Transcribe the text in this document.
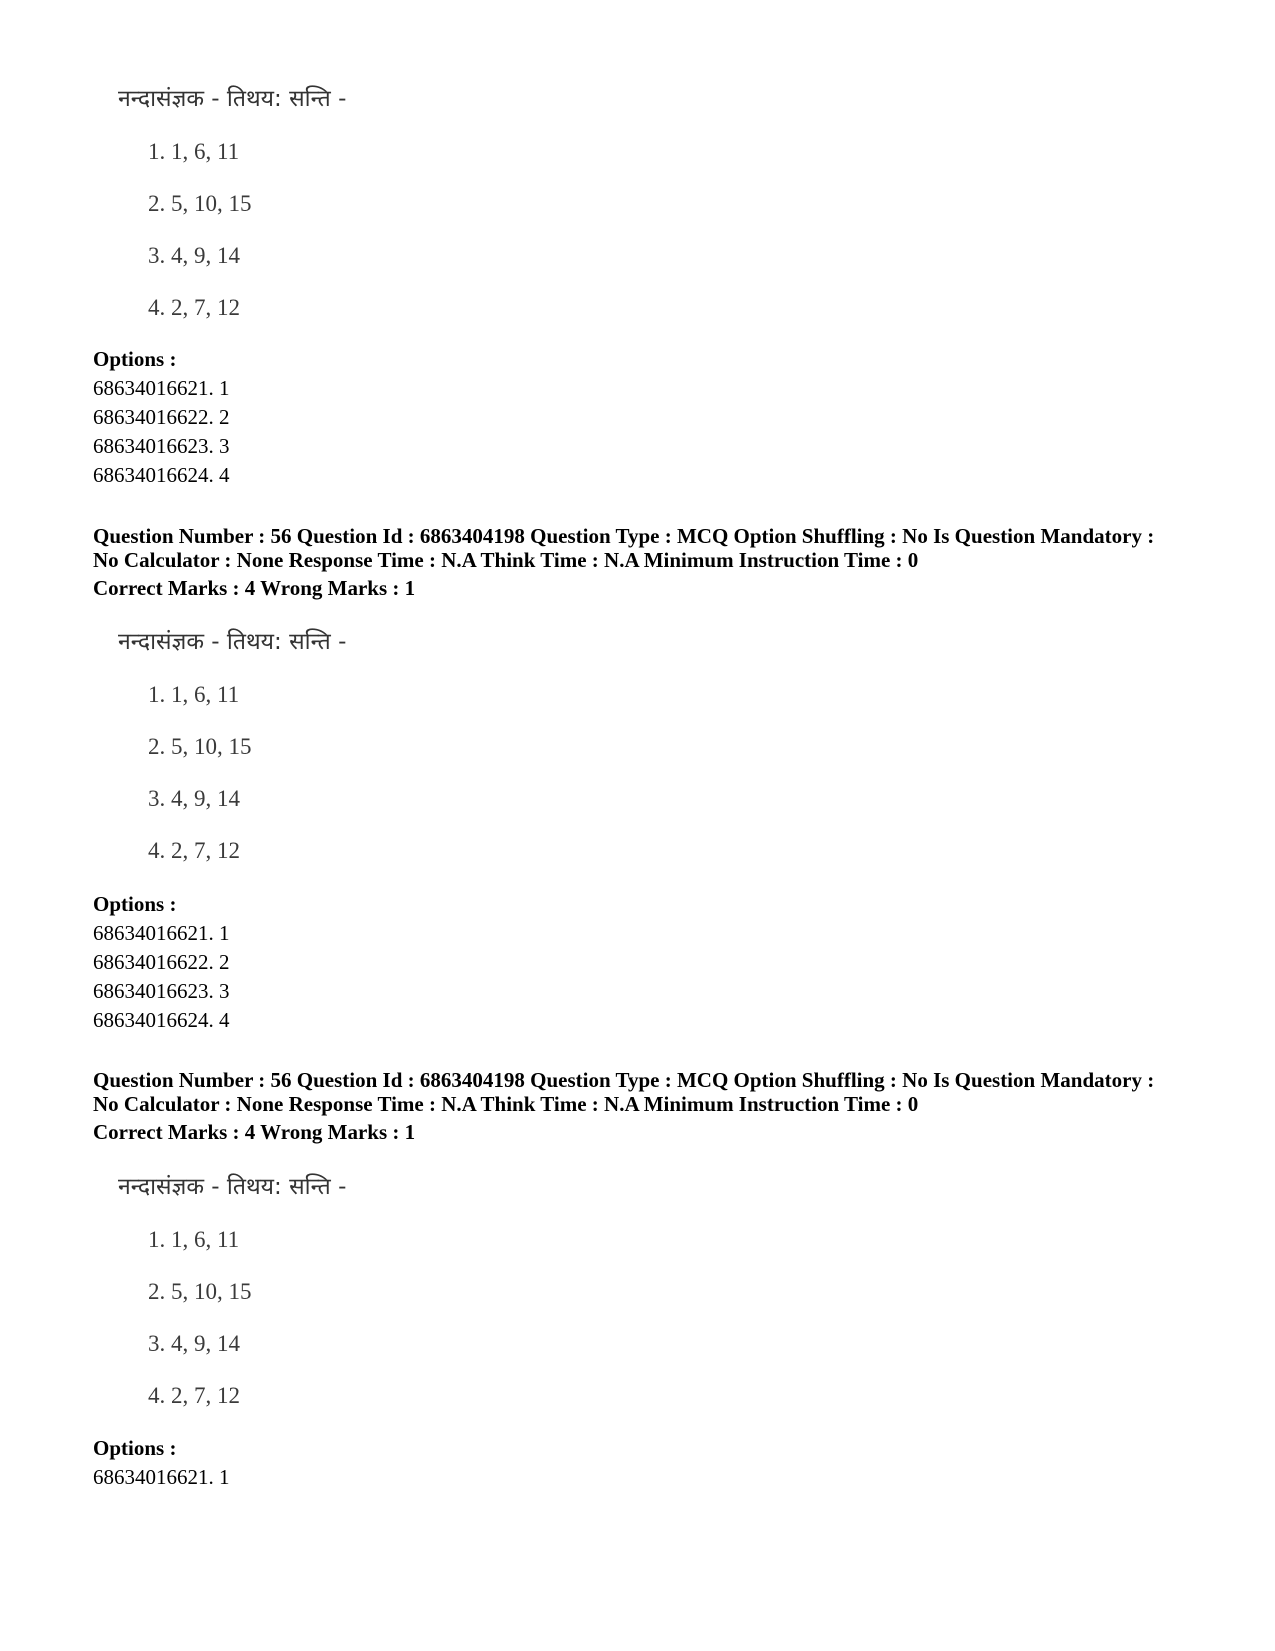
नन्दासंज्ञक - तिथय: सन्ति -
1. 1, 6, 11
2. 5, 10, 15
3. 4, 9, 14
4. 2, 7, 12

Options :

68634016621. 1

68634016622. 2

68634016623. 3

68634016624. 4

Question Number : 56 Question Id : 6863404198 Question Type : MCQ Option Shuffling : No Is Question Mandatory :

No Calculator : None Response Time : N.A Think Time : N.A Minimum Instruction Time : 0

Correct Marks : 4 Wrong Marks : 1

नन्दासंज्ञक - तिथय: सन्ति -
1. 1, 6, 11
2. 5, 10, 15
3. 4, 9, 14
4. 2, 7, 12

Options :

68634016621. 1

68634016622. 2

68634016623. 3

68634016624. 4

Question Number : 56 Question Id : 6863404198 Question Type : MCQ Option Shuffling : No Is Question Mandatory :

No Calculator : None Response Time : N.A Think Time : N.A Minimum Instruction Time : 0

Correct Marks : 4 Wrong Marks : 1

नन्दासंज्ञक - तिथय: सन्ति -
1. 1, 6, 11
2. 5, 10, 15
3. 4, 9, 14
4. 2, 7, 12

Options :

68634016621. 1
